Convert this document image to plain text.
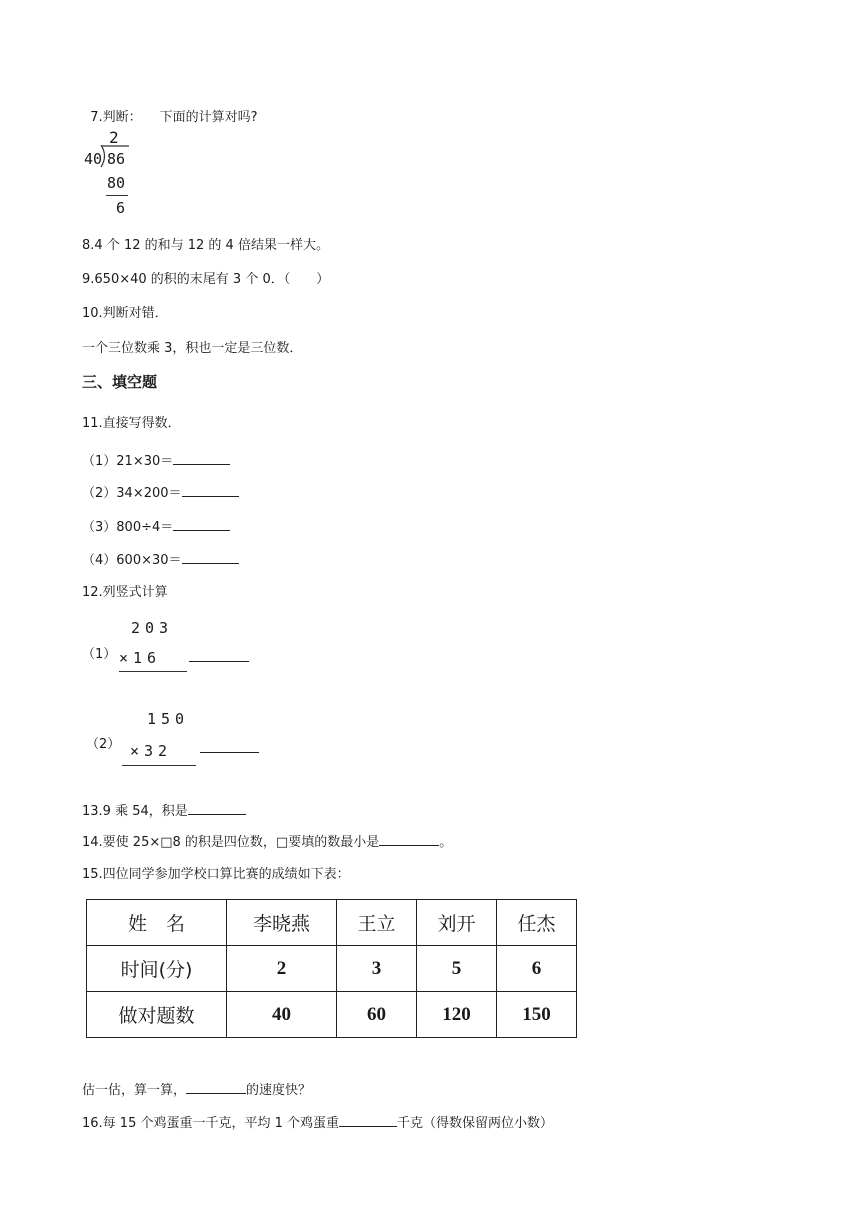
7.判断： 下面的计算对吗?

2
40 86
80
6
8.4 个 12 的和与 12 的 4 倍结果一样大。
9.650×40 的积的末尾有 3 个 0．（　　）
10.判断对错．
一个三位数乘 3，积也一定是三位数．
三、填空题
11.直接写得数．
（1）21×30＝
（2）34×200＝
（3）800÷4＝
（4）600×30＝
12.列竖式计算
203
（1） ×16
150
（2） ×32
13.9 乘 54，积是
14.要使 25×□8 的积是四位数，□要填的数最小是	。
15.四位同学参加学校口算比赛的成绩如下表：
姓　名	李晓燕	王立	刘开	任杰
时间(分)	2	3	5	6
做对题数	40	60	120	150
估一估，算一算，	的速度快？
16.每 15 个鸡蛋重一千克，平均 1 个鸡蛋重	千克（得数保留两位小数）
